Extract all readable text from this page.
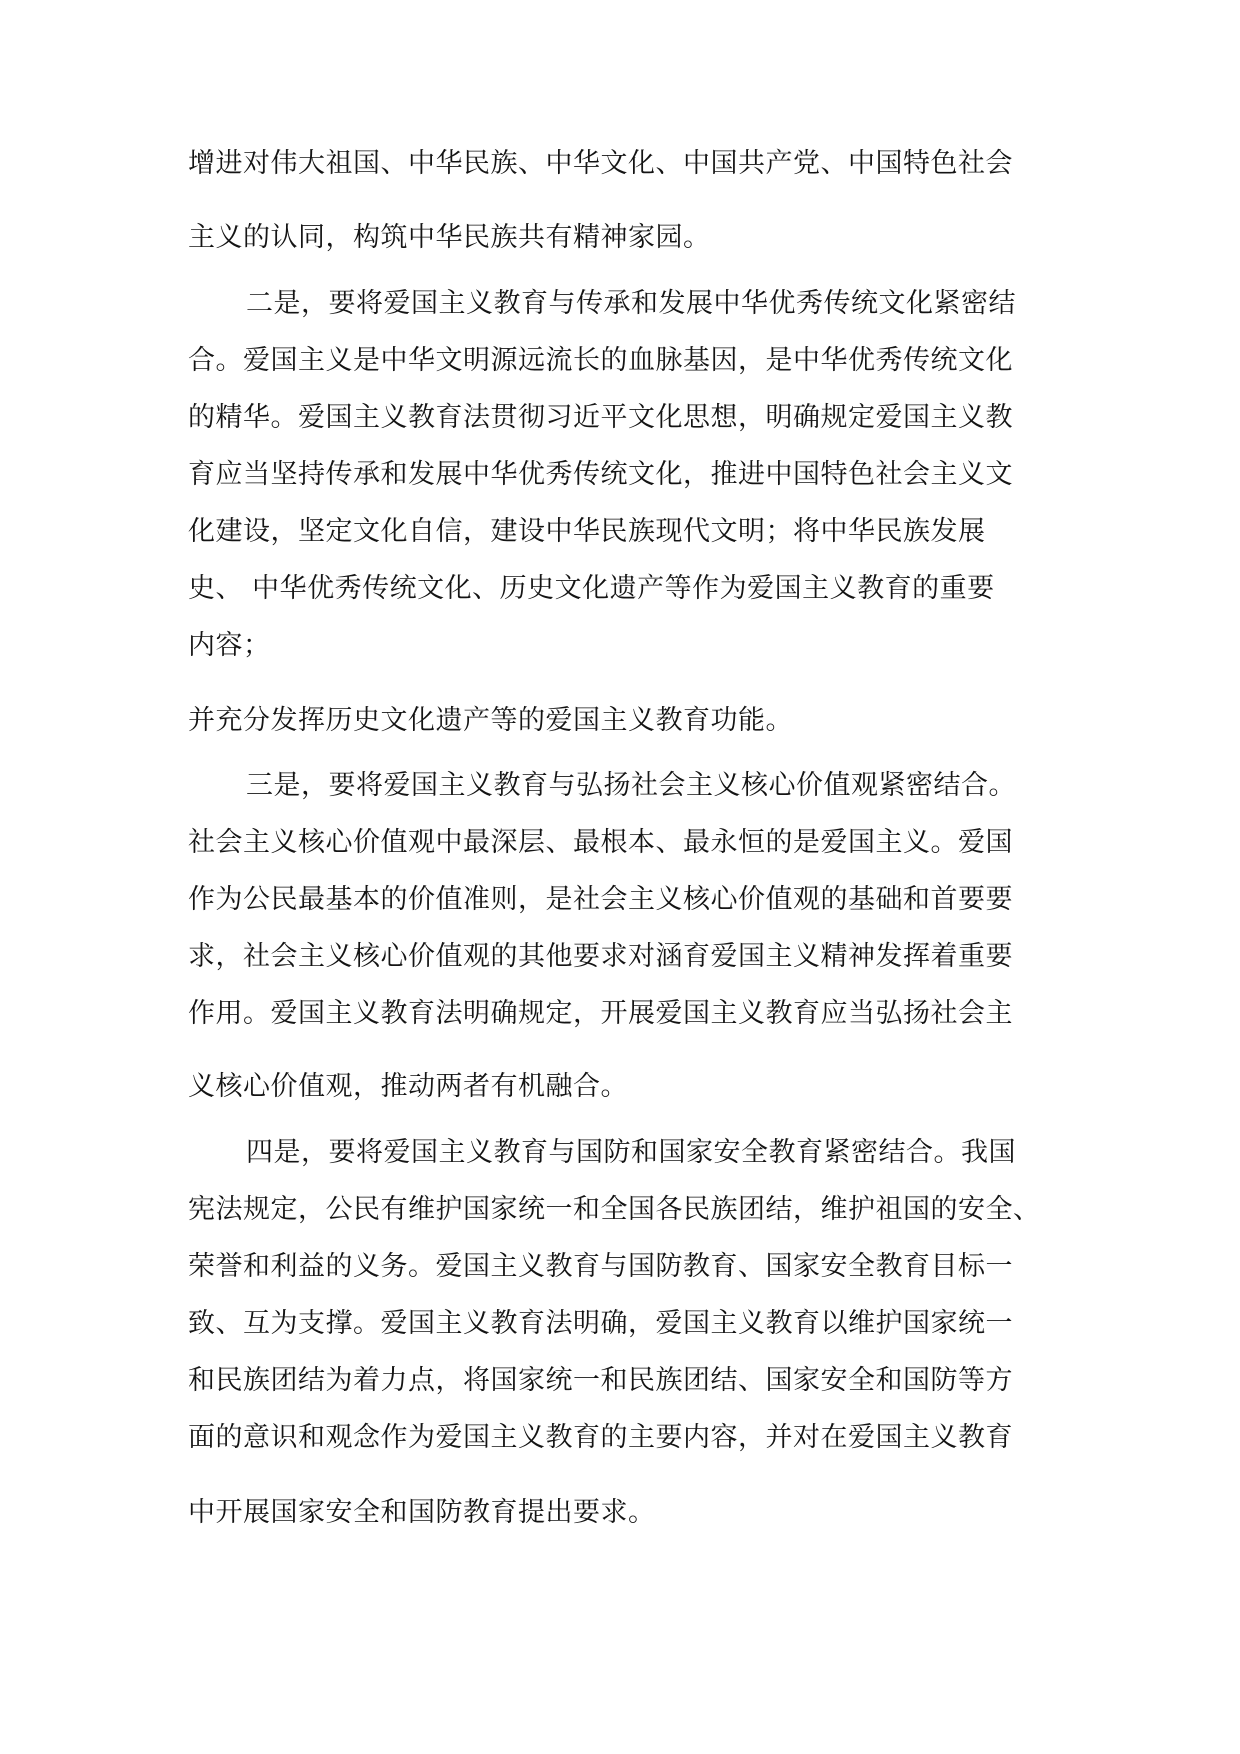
增进对伟大祖国、中华民族、中华文化、中国共产党、中国特色社会

主义的认同，构筑中华民族共有精神家园。

二是，要将爱国主义教育与传承和发展中华优秀传统文化紧密结

合。爱国主义是中华文明源远流长的血脉基因，是中华优秀传统文化

的精华。爱国主义教育法贯彻习近平文化思想，明确规定爱国主义教

育应当坚持传承和发展中华优秀传统文化，推进中国特色社会主义文

化建设，坚定文化自信，建设中华民族现代文明；将中华民族发展

史、 中华优秀传统文化、历史文化遗产等作为爱国主义教育的重要

内容；

并充分发挥历史文化遗产等的爱国主义教育功能。

三是，要将爱国主义教育与弘扬社会主义核心价值观紧密结合。

社会主义核心价值观中最深层、最根本、最永恒的是爱国主义。爱国

作为公民最基本的价值准则，是社会主义核心价值观的基础和首要要

求，社会主义核心价值观的其他要求对涵育爱国主义精神发挥着重要

作用。爱国主义教育法明确规定，开展爱国主义教育应当弘扬社会主

义核心价值观，推动两者有机融合。

四是，要将爱国主义教育与国防和国家安全教育紧密结合。我国

宪法规定，公民有维护国家统一和全国各民族团结，维护祖国的安全、

荣誉和利益的义务。爱国主义教育与国防教育、国家安全教育目标一

致、互为支撑。爱国主义教育法明确，爱国主义教育以维护国家统一

和民族团结为着力点，将国家统一和民族团结、国家安全和国防等方

面的意识和观念作为爱国主义教育的主要内容，并对在爱国主义教育

中开展国家安全和国防教育提出要求。
